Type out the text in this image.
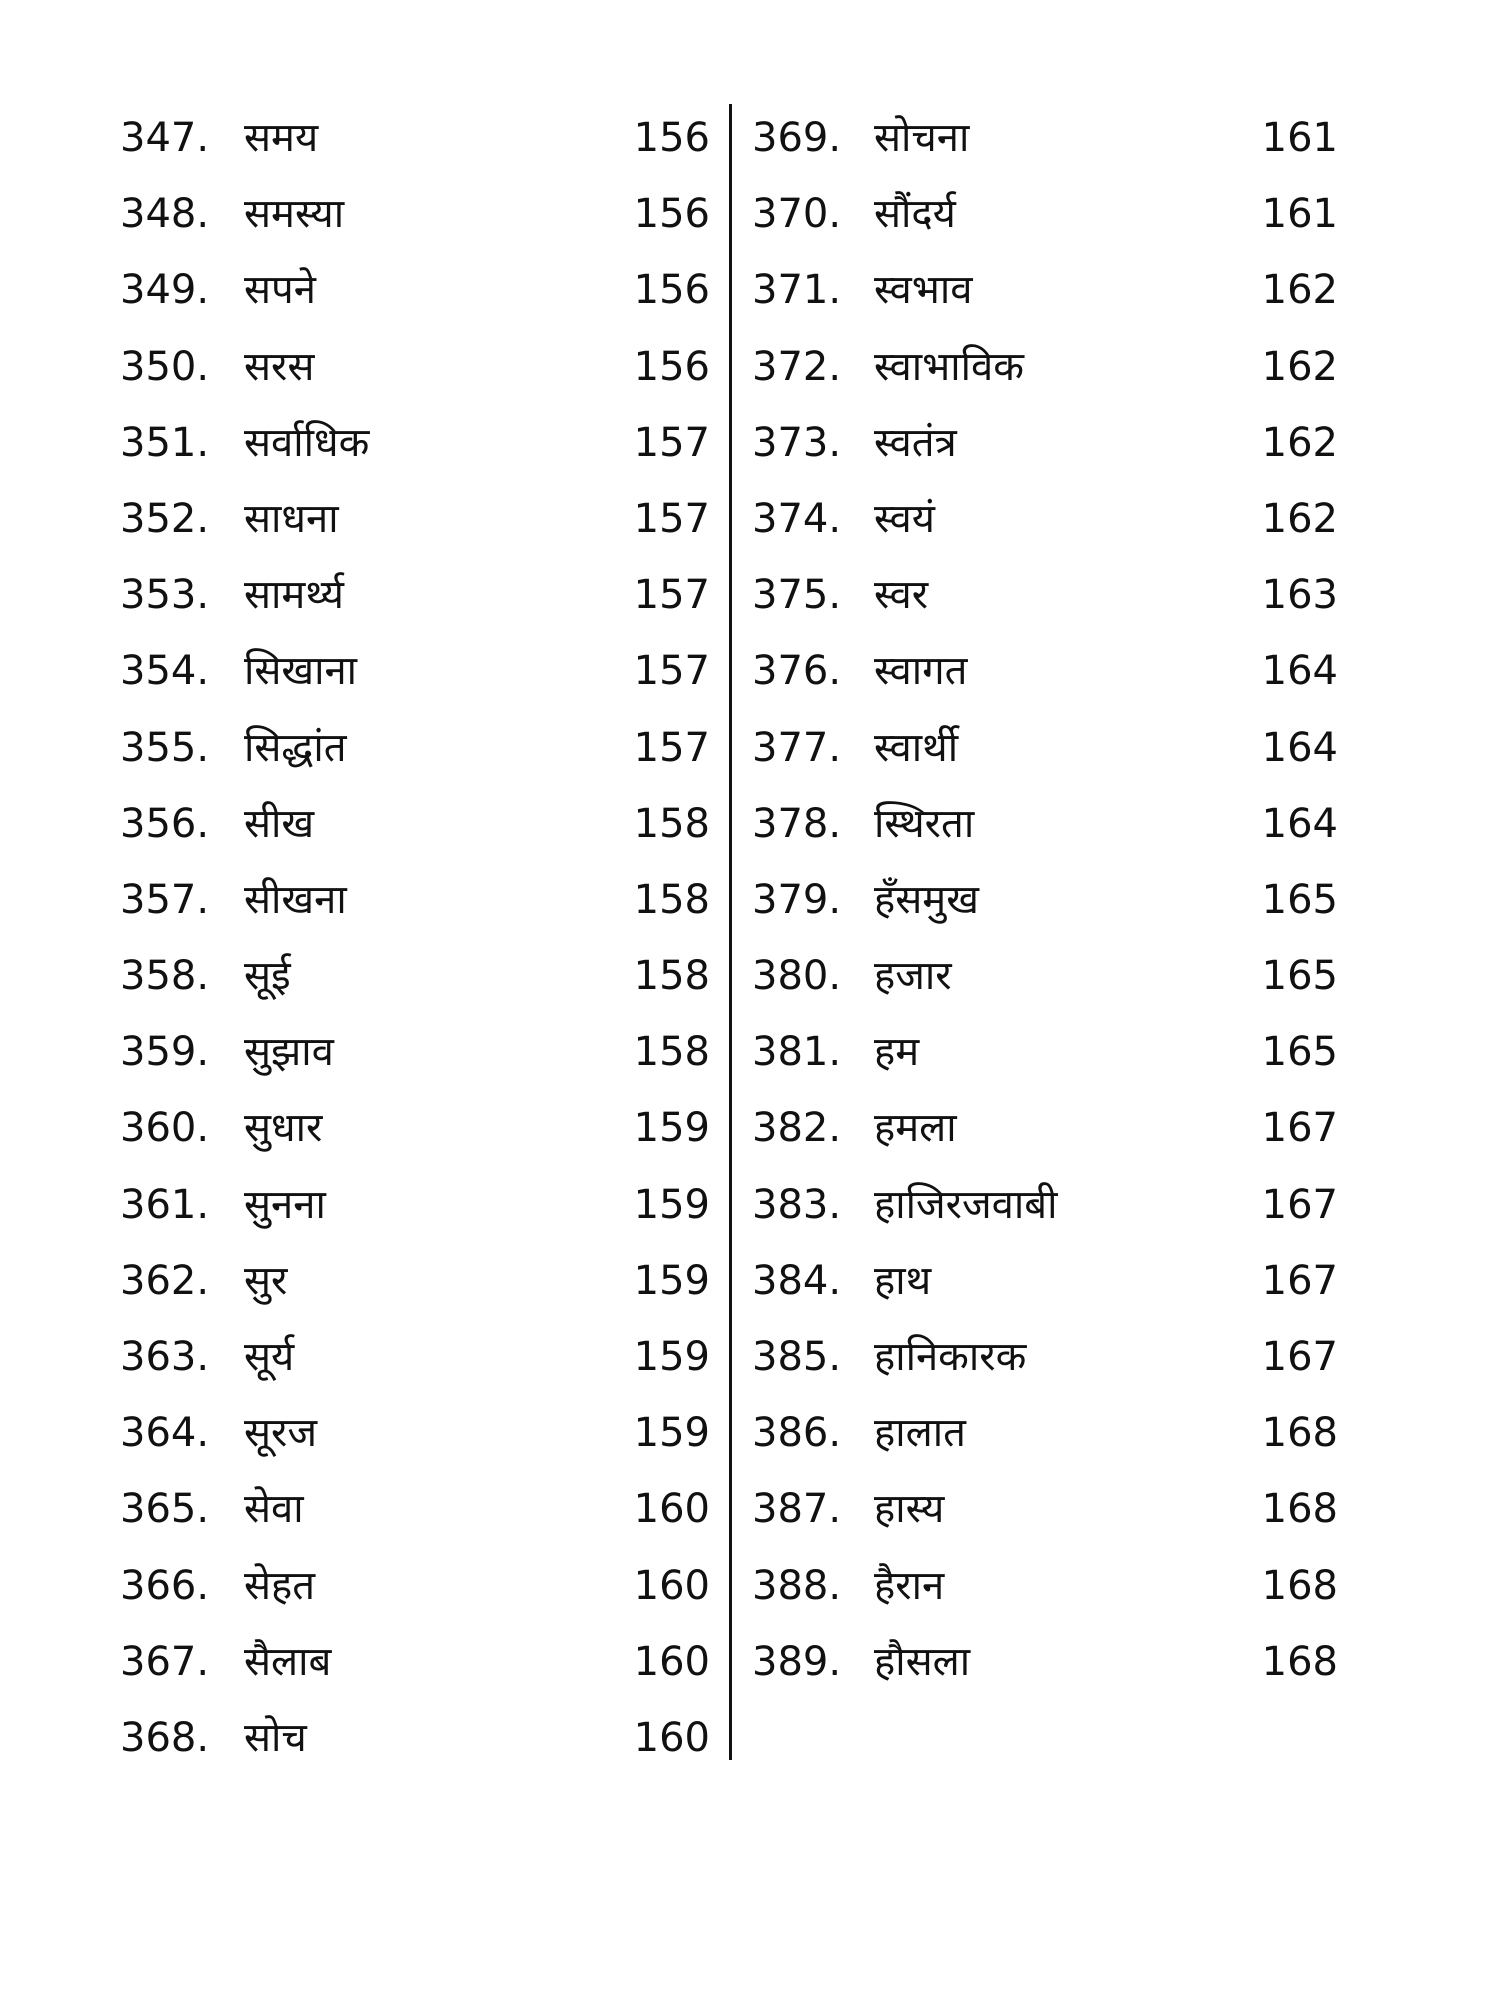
347. समय	156
348. समस्या	156
349. सपने	156
350. सरस	156
351. सर्वाधिक	157
352. साधना	157
353. सामर्थ्य	157
354. सिखाना	157
355. सिद्धांत	157
356. सीख	158
357. सीखना	158
358. सूई	158
359. सुझाव	158
360. सुधार	159
361. सुनना	159
362. सुर	159
363. सूर्य	159
364. सूरज	159
365. सेवा	160
366. सेहत	160
367. सैलाब	160
368. सोच	160
369. सोचना	161
370. सौंदर्य	161
371. स्वभाव	162
372. स्वाभाविक	162
373. स्वतंत्र	162
374. स्वयं	162
375. स्वर	163
376. स्वागत	164
377. स्वार्थी	164
378. स्थिरता	164
379. हँसमुख	165
380. हजार	165
381. हम	165
382. हमला	167
383. हाजिरजवाबी	167
384. हाथ	167
385. हानिकारक	167
386. हालात	168
387. हास्य	168
388. हैरान	168
389. हौसला	168
